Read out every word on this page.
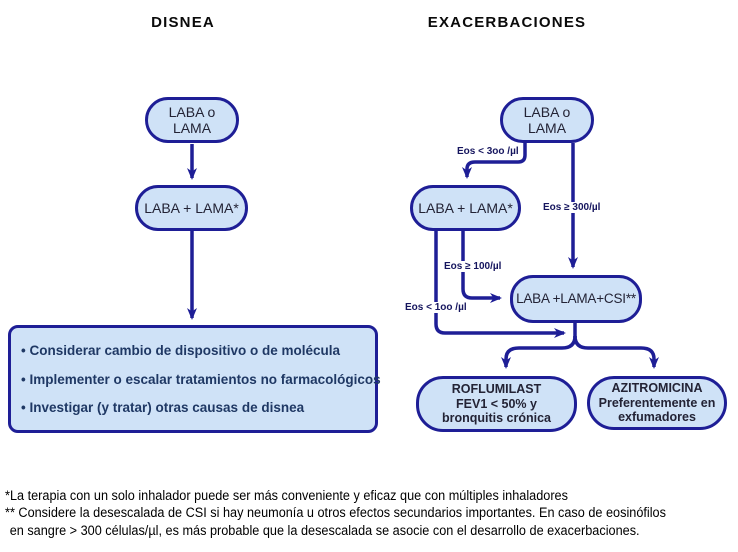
DISNEA	EXACERBACIONES
LABA o LAMA
LABA + LAMA*
• Considerar cambio de dispositivo o de molécula
• Implementer o escalar tratamientos no farmacológicos
• Investigar (y tratar) otras causas de disnea
LABA o LAMA
LABA + LAMA*
LABA +LAMA+CSI**
ROFLUMILAST
FEV1 < 50% y
bronquitis crónica
AZITROMICINA
Preferentemente en
exfumadores
Eos < 3oo /µl
Eos ≥ 300/µl
Eos ≥ 100/µl
Eos < 1oo /µl
*La terapia con un solo inhalador puede ser más conveniente y eficaz que con múltiples inhaladores
** Considere la desescalada de CSI si hay neumonía u otros efectos secundarios importantes. En caso de eosinófilos
en sangre > 300 células/µl, es más probable que la desescalada se asocie con el desarrollo de exacerbaciones.
